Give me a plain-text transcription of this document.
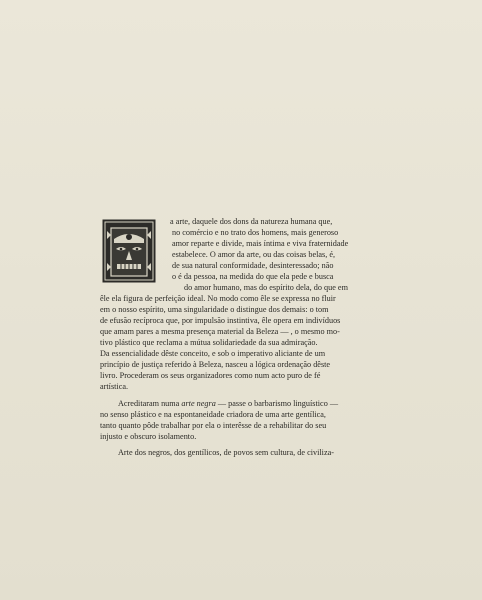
a arte, daquele dos dons da natureza humana que,
no comércio e no trato dos homens, mais generoso
amor reparte e divide, mais íntima e viva fraternidade
estabelece. O amor da arte, ou das coisas belas, é,
de sua natural conformidade, desinteressado; não
o é da pessoa, na medida do que ela pede e busca
do amor humano, mas do espírito dela, do que em
êle ela figura de perfeição ideal. No modo como êle se expressa no fluir
em o nosso espírito, uma singularidade o distingue dos demais: o tom
de efusão recíproca que, por impulsão instintiva, êle opera em indivíduos
que amam pares a mesma presença material da Beleza — , o mesmo mo-
tivo plástico que reclama a mútua solidariedade da sua admiração.
Da essencialidade dêste conceito, e sob o imperativo aliciante de um
princípio de justiça referido à Beleza, nasceu a lógica ordenação dêste
livro. Procederam os seus organizadores como num acto puro de fé
artística.
Acreditaram numa arte negra — passe o barbarismo linguístico —
no senso plástico e na espontaneidade criadora de uma arte gentílica,
tanto quanto pôde trabalhar por ela o interêsse de a rehabilitar do seu
injusto e obscuro isolamento.
Arte dos negros, dos gentílicos, de povos sem cultura, de civiliza-
